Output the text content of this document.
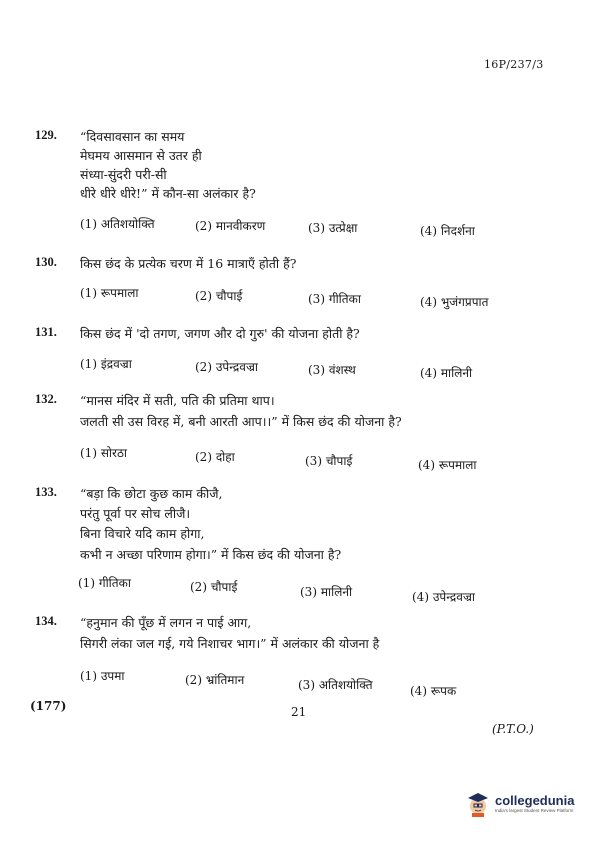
16P/237/3
129. “दिवसावसान का समय
मेघमय आसमान से उतर ही
संध्या-सुंदरी परी-सी
धीरे धीरे धीरे!” में कौन-सा अलंकार है?
(1) अतिशयोक्ति	(2) मानवीकरण	(3) उत्प्रेक्षा	(4) निदर्शना
130. किस छंद के प्रत्येक चरण में 16 मात्राएँ होती हैं?
(1) रूपमाला	(2) चौपाई	(3) गीतिका	(4) भुजंगप्रपात
131. किस छंद में 'दो तगण, जगण और दो गुरु' की योजना होती है?
(1) इंद्रवज्रा	(2) उपेन्द्रवज्रा	(3) वंशस्थ	(4) मालिनी
132. “मानस मंदिर में सती, पति की प्रतिमा थाप।
जलती सी उस विरह में, बनी आरती आप।।” में किस छंद की योजना है?
(1) सोरठा	(2) दोहा	(3) चौपाई	(4) रूपमाला
133. “बड़ा कि छोटा कुछ काम कीजै,
परंतु पूर्वा पर सोच लीजै।
बिना विचारे यदि काम होगा,
कभी न अच्छा परिणाम होगा।” में किस छंद की योजना है?
(1) गीतिका	(2) चौपाई	(3) मालिनी	(4) उपेन्द्रवज्रा
134. “हनुमान की पूँछ में लगन न पाई आग,
सिगरी लंका जल गई, गये निशाचर भाग।” में अलंकार की योजना है
(1) उपमा	(2) भ्रांतिमान	(3) अतिशयोक्ति	(4) रूपक
(177)	21
(P.T.O.)
collegedunia
India's largest Student Review Platform
